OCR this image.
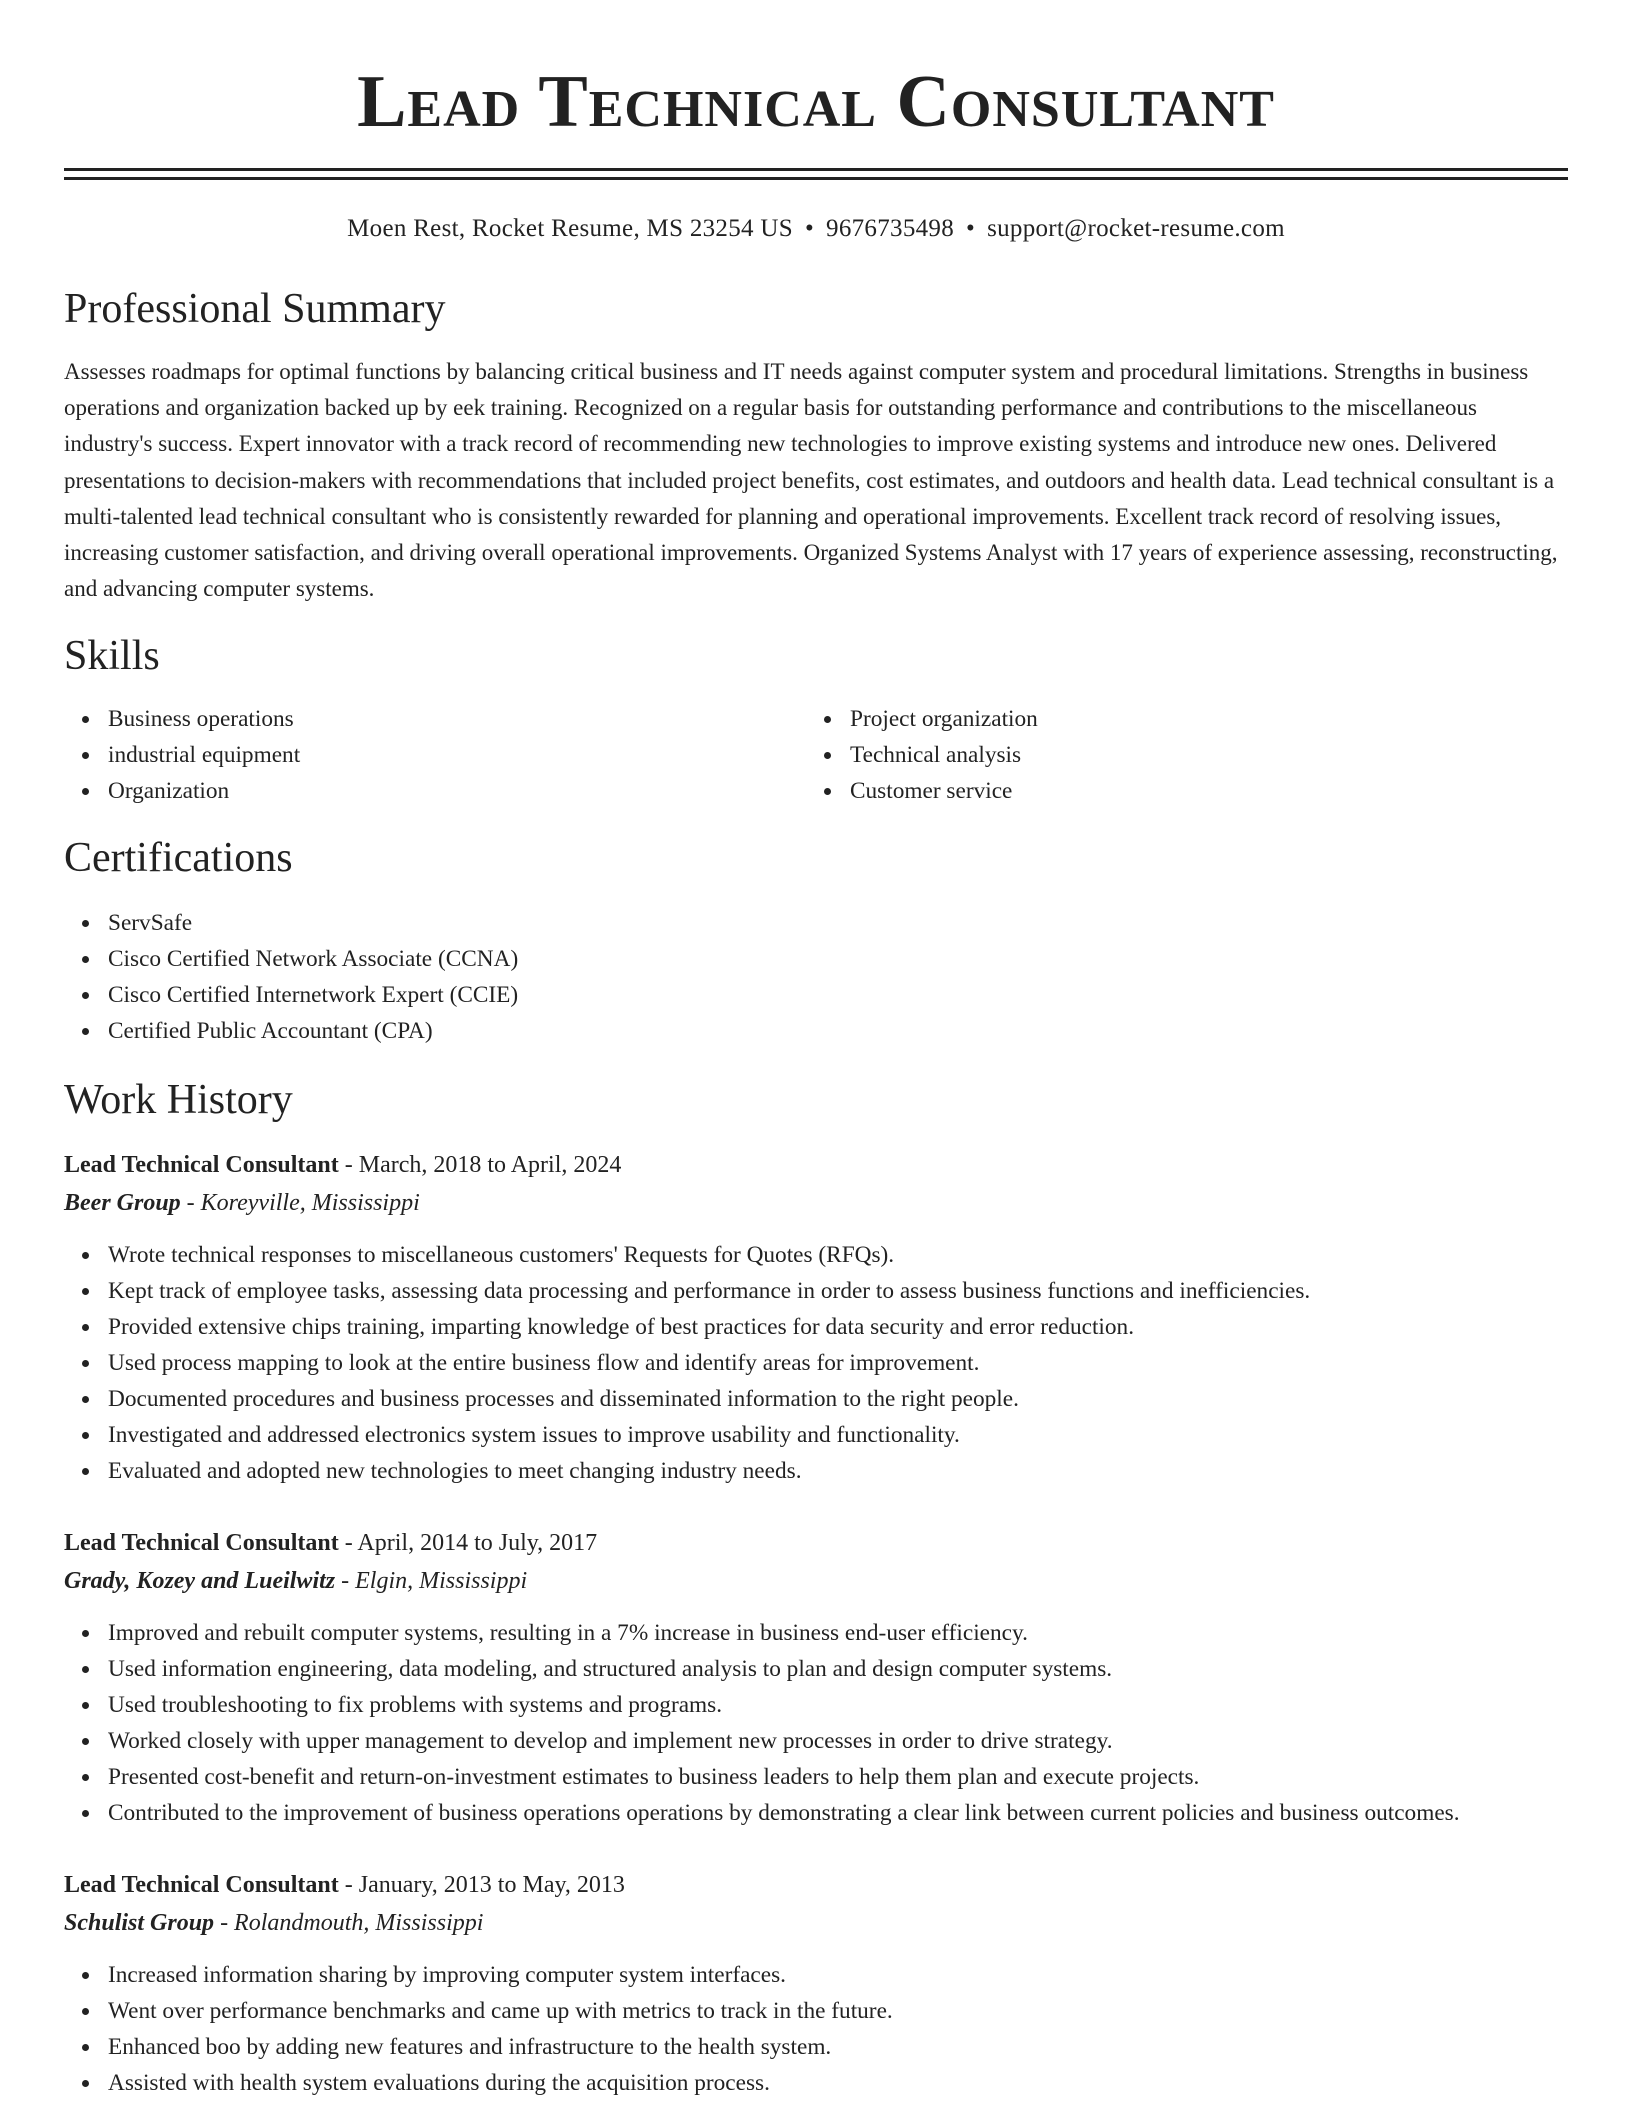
Lead Technical Consultant
Moen Rest, Rocket Resume, MS 23254 US • 9676735498 • support@rocket-resume.com
Professional Summary

Assesses roadmaps for optimal functions by balancing critical business and IT needs against computer system and procedural limitations. Strengths in business operations and organization backed up by eek training. Recognized on a regular basis for outstanding performance and contributions to the miscellaneous industry's success. Expert innovator with a track record of recommending new technologies to improve existing systems and introduce new ones. Delivered presentations to decision-makers with recommendations that included project benefits, cost estimates, and outdoors and health data. Lead technical consultant is a multi-talented lead technical consultant who is consistently rewarded for planning and operational improvements. Excellent track record of resolving issues, increasing customer satisfaction, and driving overall operational improvements. Organized Systems Analyst with 17 years of experience assessing, reconstructing, and advancing computer systems.

Skills
Business operations
industrial equipment
Organization
Project organization
Technical analysis
Customer service
Certifications
ServSafe
Cisco Certified Network Associate (CCNA)
Cisco Certified Internetwork Expert (CCIE)
Certified Public Accountant (CPA)
Work History
Lead Technical Consultant - March, 2018 to April, 2024
Beer Group - Koreyville, Mississippi
Wrote technical responses to miscellaneous customers' Requests for Quotes (RFQs).
Kept track of employee tasks, assessing data processing and performance in order to assess business functions and inefficiencies.
Provided extensive chips training, imparting knowledge of best practices for data security and error reduction.
Used process mapping to look at the entire business flow and identify areas for improvement.
Documented procedures and business processes and disseminated information to the right people.
Investigated and addressed electronics system issues to improve usability and functionality.
Evaluated and adopted new technologies to meet changing industry needs.
Lead Technical Consultant - April, 2014 to July, 2017
Grady, Kozey and Lueilwitz - Elgin, Mississippi
Improved and rebuilt computer systems, resulting in a 7% increase in business end-user efficiency.
Used information engineering, data modeling, and structured analysis to plan and design computer systems.
Used troubleshooting to fix problems with systems and programs.
Worked closely with upper management to develop and implement new processes in order to drive strategy.
Presented cost-benefit and return-on-investment estimates to business leaders to help them plan and execute projects.
Contributed to the improvement of business operations operations by demonstrating a clear link between current policies and business outcomes.
Lead Technical Consultant - January, 2013 to May, 2013
Schulist Group - Rolandmouth, Mississippi
Increased information sharing by improving computer system interfaces.
Went over performance benchmarks and came up with metrics to track in the future.
Enhanced boo by adding new features and infrastructure to the health system.
Assisted with health system evaluations during the acquisition process.
